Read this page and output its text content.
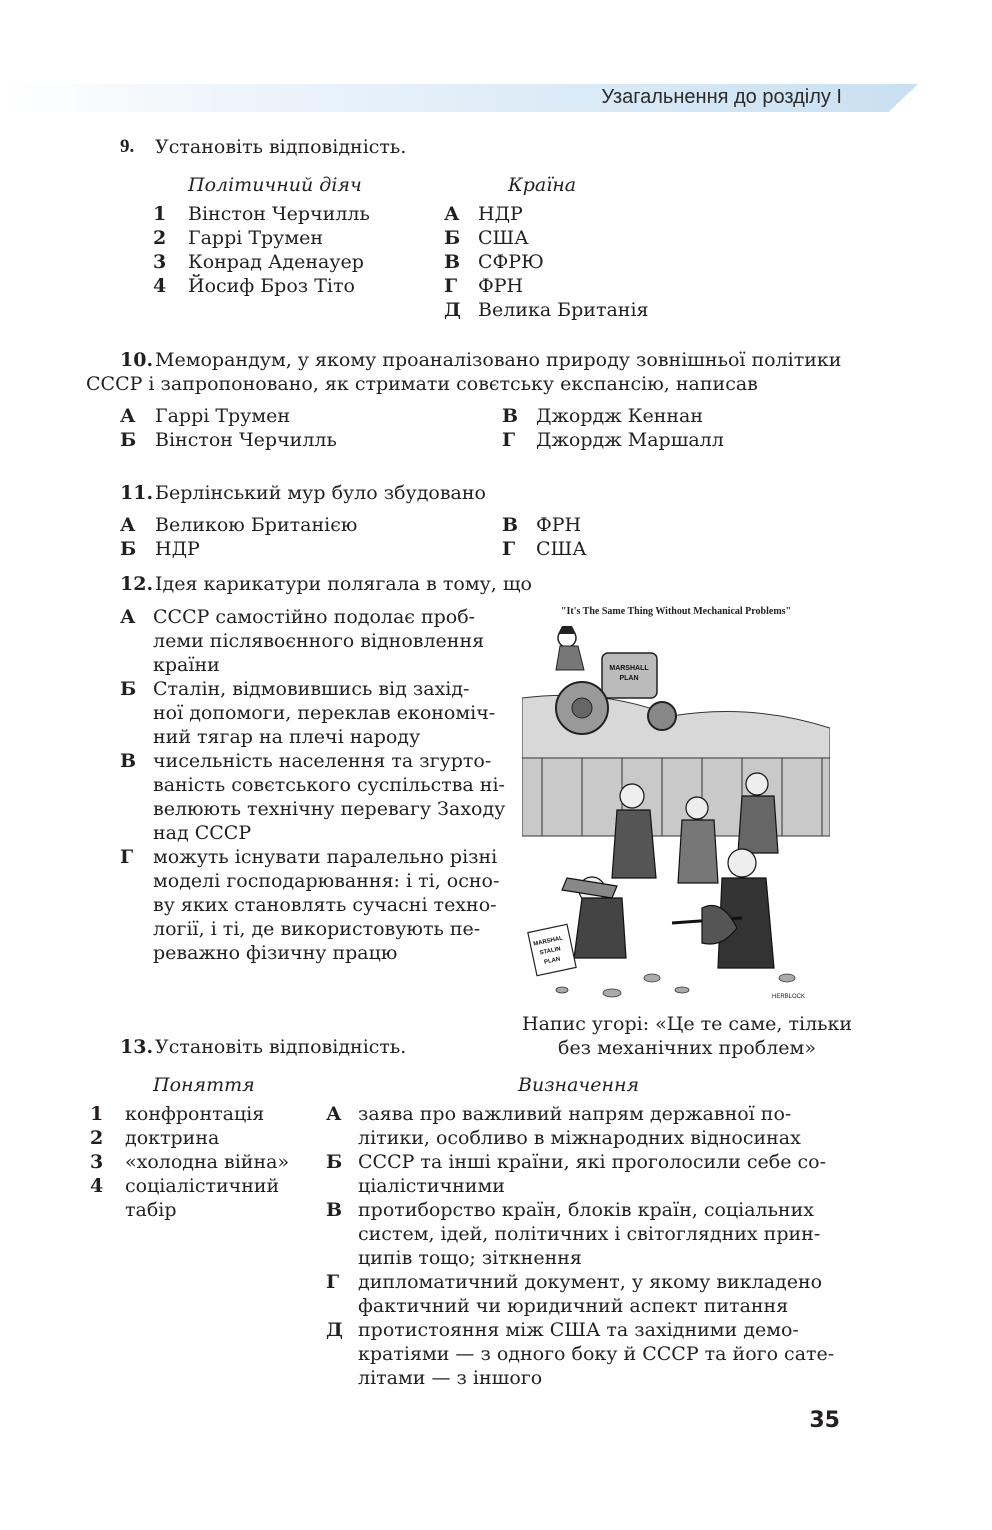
Узагальнення до розділу І
9. Установіть відповідність.
Політичний діяч	Країна
1 Вінстон Черчилль
2 Гаррі Трумен
3 Конрад Аденауер
4 Йосиф Броз Тіто
А НДР
Б США
В СФРЮ
Г ФРН
Д Велика Британія
10. Меморандум, у якому проаналізовано природу зовнішньої політики
СССР і запропоновано, як стримати совєтську експансію, написав
А Гаррі Трумен
Б Вінстон Черчилль
В Джордж Кеннан
Г Джордж Маршалл
11. Берлінський мур було збудовано
А Великою Британією
Б НДР
В ФРН
Г США
12. Ідея карикатури полягала в тому, що
А СССР самостійно подолає проб-
леми післявоєнного відновлення
країни
Б Сталін, відмовившись від захід-
ної допомоги, переклав економіч-
ний тягар на плечі народу
В чисельність населення та згурто-
ваність совєтського суспільства ні-
велюють технічну перевагу Заходу
над СССР
Г можуть існувати паралельно різні
моделі господарювання: і ті, осно-
ву яких становлять сучасні техно-
логії, і ті, де використовують пе-
реважно фізичну працю
"It's The Same Thing Without Mechanical Problems"
MARSHALL
PLAN
MARSHAL
STALIN
PLAN
HERBLOCK
Напис угорі: «Це те саме, тільки
без механічних проблем»
13. Установіть відповідність.
Поняття	Визначення
1 конфронтація
2 доктрина
3 «холодна війна»
4 соціалістичний
табір
А заява про важливий напрям державної по-
літики, особливо в міжнародних відносинах
Б СССР та інші країни, які проголосили себе со-
ціалістичними
В протиборство країн, блоків країн, соціальних
систем, ідей, політичних і світоглядних прин-
ципів тощо; зіткнення
Г дипломатичний документ, у якому викладено
фактичний чи юридичний аспект питання
Д протистояння між США та західними демо-
кратіями — з одного боку й СССР та його сате-
літами — з іншого
35
